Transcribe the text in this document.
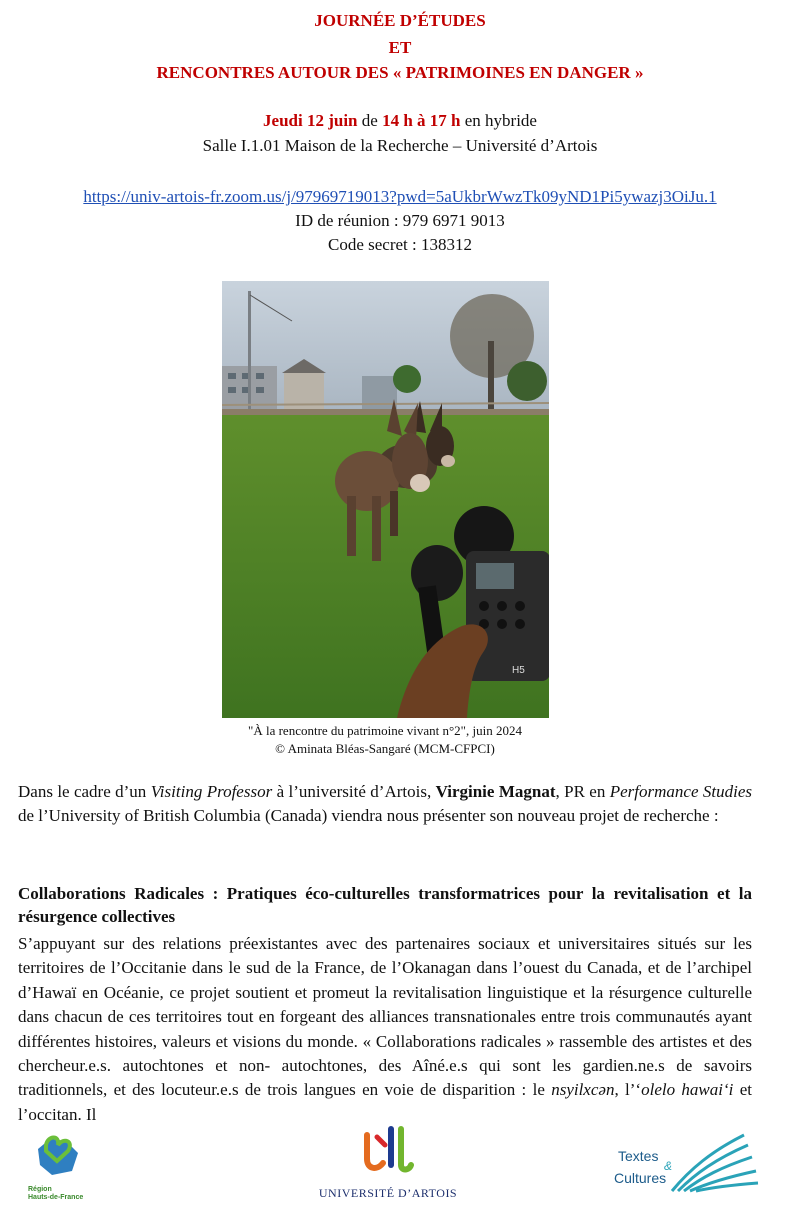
JOURNÉE D’ÉTUDES
ET
RENCONTRES AUTOUR DES « PATRIMOINES EN DANGER »
Jeudi 12 juin de 14 h à 17 h en hybride
Salle I.1.01 Maison de la Recherche – Université d’Artois
https://univ-artois-fr.zoom.us/j/97969719013?pwd=5aUkbrWwzTk09yND1Pi5ywazj3OiJu.1
ID de réunion : 979 6971 9013
Code secret : 138312
H5
"À la rencontre du patrimoine vivant n°2", juin 2024
© Aminata Bléas-Sangaré (MCM-CFPCI)

Dans le cadre d’un Visiting Professor à l’université d’Artois, Virginie Magnat, PR en Performance Studies de l’University of British Columbia (Canada) viendra nous présenter son nouveau projet de recherche :

Collaborations Radicales : Pratiques éco-culturelles transformatrices pour la revitalisation et la résurgence collectives

S’appuyant sur des relations préexistantes avec des partenaires sociaux et universitaires situés sur les territoires de l’Occitanie dans le sud de la France, de l’Okanagan dans l’ouest du Canada, et de l’archipel d’Hawaï en Océanie, ce projet soutient et promeut la revitalisation linguistique et la résurgence culturelle dans chacun de ces territoires tout en forgeant des alliances transnationales entre trois communautés ayant différentes histoires, valeurs et visions du monde. « Collaborations radicales » rassemble des artistes et des chercheur.e.s. autochtones et non- autochtones, des Aîné.e.s qui sont les gardien.ne.s de savoirs traditionnels, et des locuteur.e.s de trois langues en voie de disparition : le nsyilxcən, l’‘olelo hawai‘i et l’occitan. Il

Région
Hauts-de-France	UNIVERSITÉ D’ARTOIS
Textes
&
Cultures
